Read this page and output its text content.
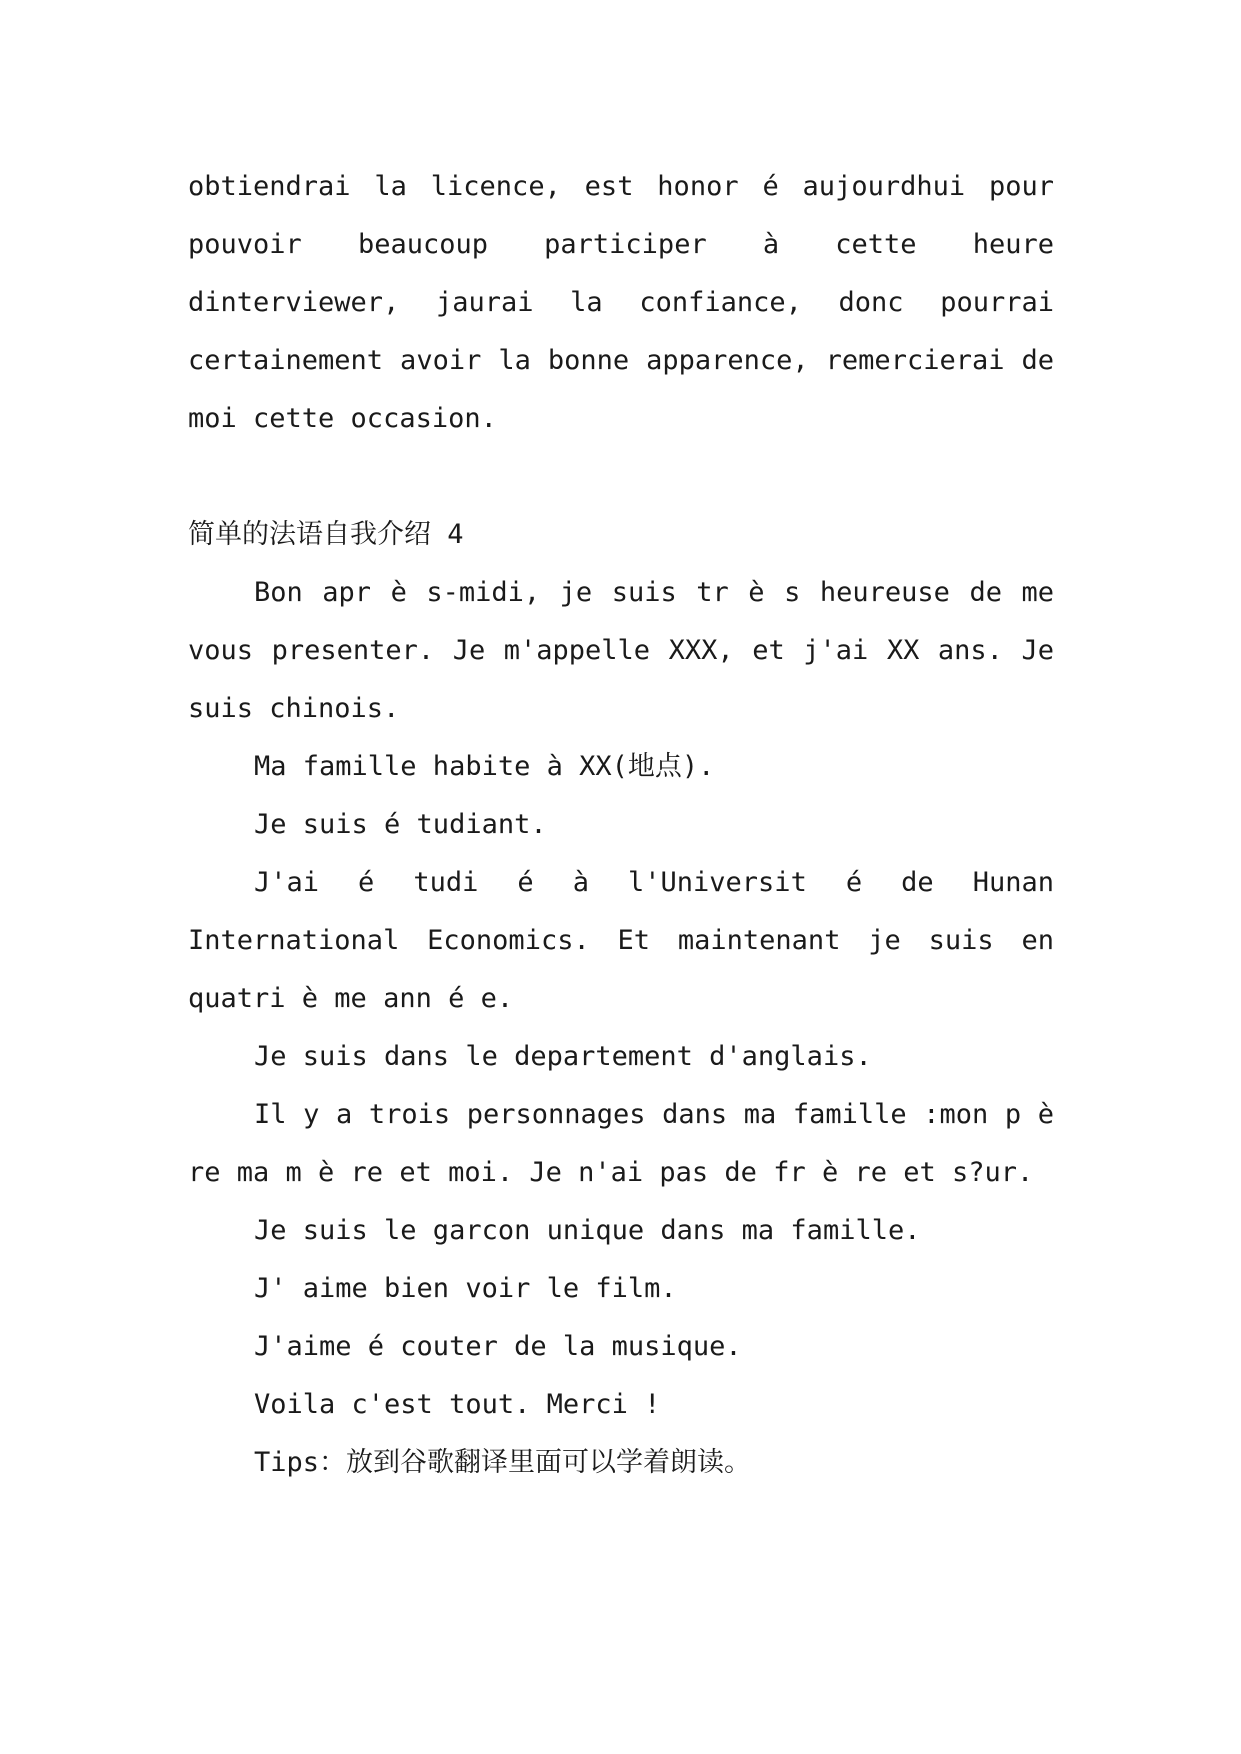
obtiendrai la licence, est honor é aujourdhui pour pouvoir beaucoup participer à cette heure dinterviewer, jaurai la confiance, donc pourrai certainement avoir la bonne apparence, remercierai de moi cette occasion.

简单的法语自我介绍 4

Bon apr è s-midi, je suis tr è s heureuse de me vous presenter. Je m'appelle XXX, et j'ai XX ans. Je suis chinois.

Ma famille habite à XX(地点).

Je suis é tudiant.

J'ai é tudi é à l'Universit é de Hunan International Economics. Et maintenant je suis en quatri è me ann é e.

Je suis dans le departement d'anglais.

Il y a trois personnages dans ma famille :mon p è re ma m è re et moi. Je n'ai pas de fr è re et s?ur.

Je suis le garcon unique dans ma famille.

J' aime bien voir le film.

J'aime é couter de la musique.

Voila c'est tout. Merci !

Tips：放到谷歌翻译里面可以学着朗读。
